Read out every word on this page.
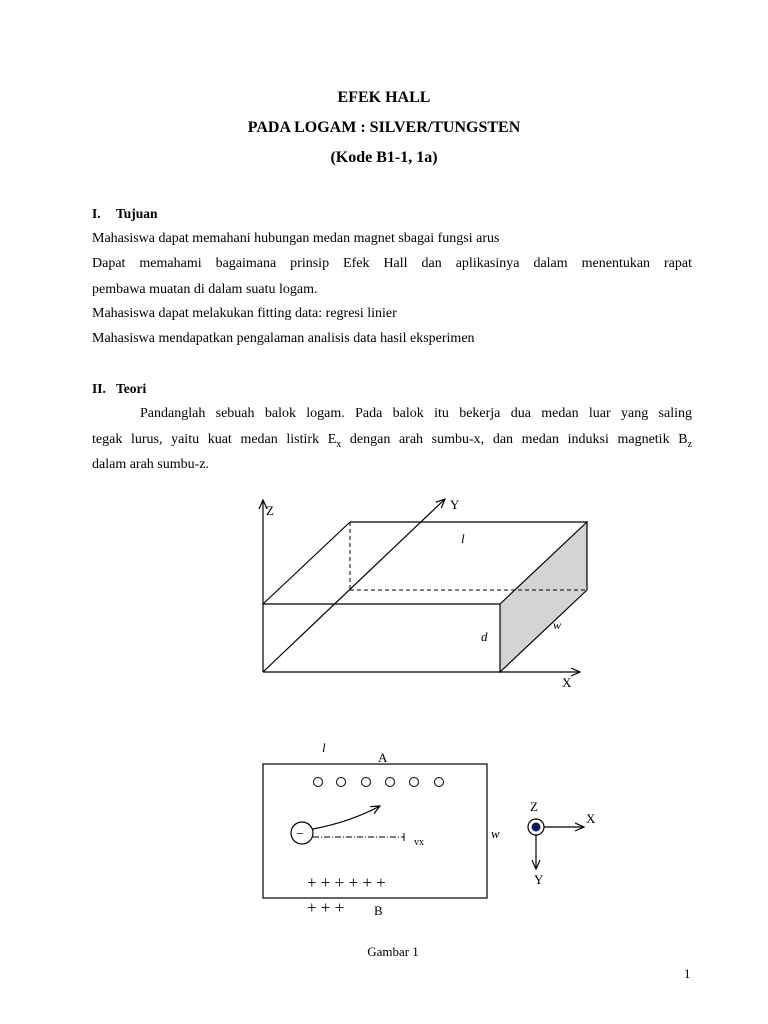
EFEK HALL
PADA LOGAM : SILVER/TUNGSTEN
(Kode B1-1, 1a)
I. Tujuan
Mahasiswa dapat memahani hubungan medan magnet sbagai fungsi arus
Dapat memahami bagaimana prinsip Efek Hall dan aplikasinya dalam menentukan rapat
pembawa muatan di dalam suatu logam.
Mahasiswa dapat melakukan fitting data: regresi linier
Mahasiswa mendapatkan pengalaman analisis data hasil eksperimen
II. Teori
Pandanglah sebuah balok logam. Pada balok itu bekerja dua medan luar yang saling
tegak lurus, yaitu kuat medan listirk $E_x$ dengan arah sumbu-x, dan medan induksi magnetik $B_z$
dalam arah sumbu-z.
Z	Y
X
l
d
w
l
A
−
vx
+ + + + + +
+ + + B
w
Z
X
Y
Gambar 1
1
